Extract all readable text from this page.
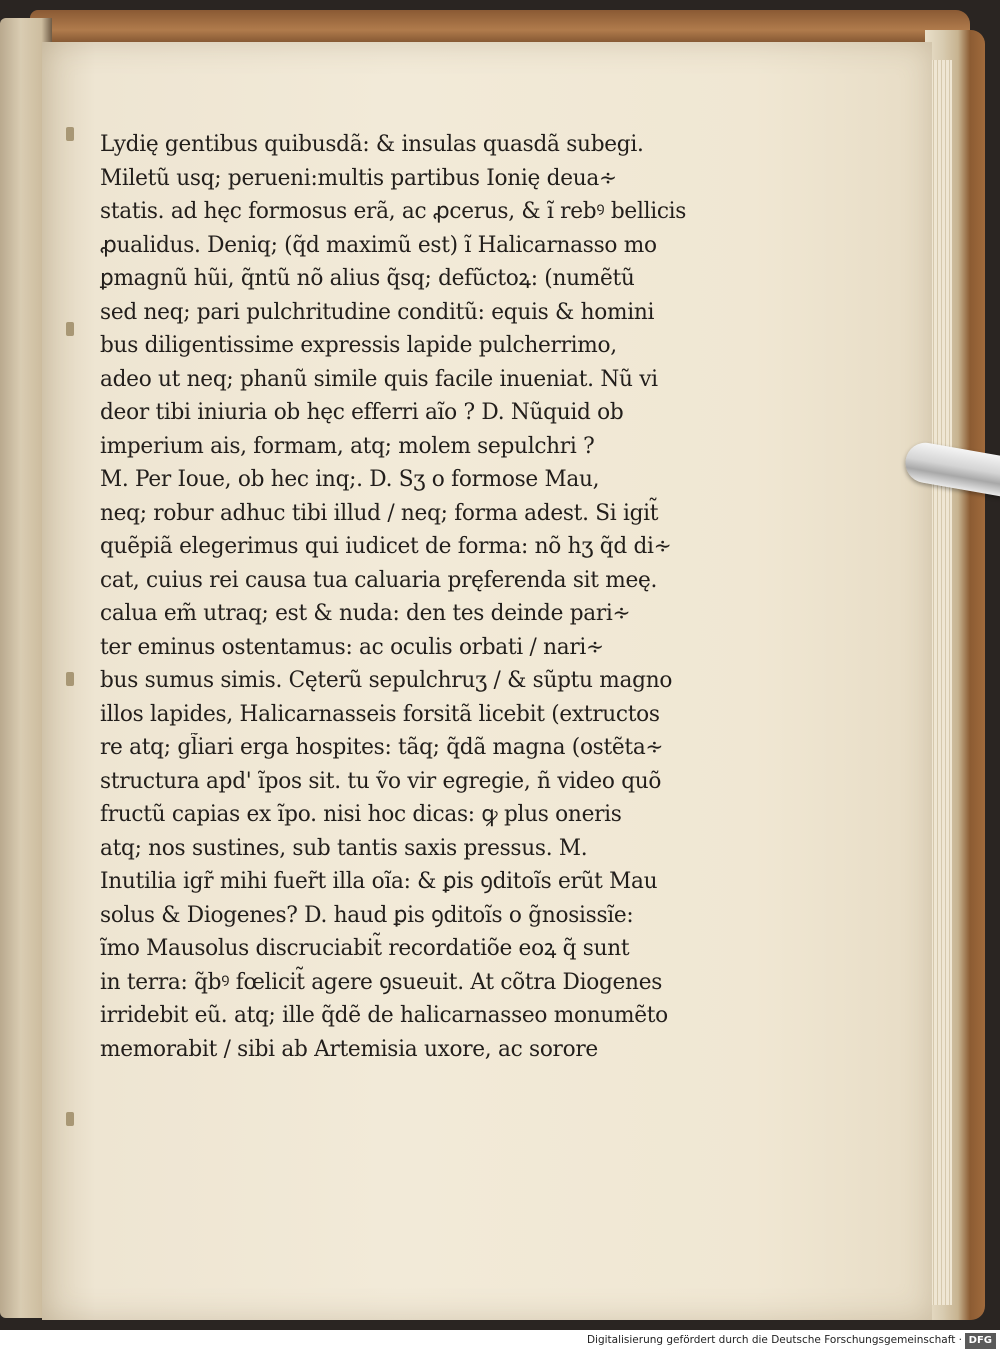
Lydię gentibus quibusdã: & insulas quasdã subegi.
Miletũ usq; perueni:multis partibus Ionię deua∻
statis. ad hęc formosus erã, ac ꝓcerus, & ĩ rebꝰ bellicis
ꝓualidus. Deniq; (q̃d maximũ est) ĩ Halicarnasso mo
ꝑmagnũ hũi, q̃ntũ nõ alius q̃sq; defũctoꝝ: (numẽtũ
sed neq; pari pulchritudine conditũ: equis & homini
bus diligentissime expressis lapide pulcherrimo,
adeo ut neq; phanũ simile quis facile inueniat. Nũ vi
deor tibi iniuria ob hęc efferri aĩo ? D. Nũquid ob
imperium ais, formam, atq; molem sepulchri ?
M. Per Ioue, ob hec inq;. D. Sʒ o formose Mau,
neq; robur adhuc tibi illud / neq; forma adest. Si igit̃
quẽpiã elegerimus qui iudicet de forma: nõ hʒ q̃d di∻
cat, cuius rei causa tua caluaria pręferenda sit meę.
calua em̃ utraq; est & nuda: den tes deinde pari∻
ter eminus ostentamus: ac oculis orbati / nari∻
bus sumus simis. Cęterũ sepulchruʒ / & sũptu magno
illos lapides, Halicarnasseis forsitã licebit (extructos
re atq; gl̃iari erga hospites: tãq; q̃dã magna (ostẽta∻
structura apd' ĩpos sit. tu ṽo vir egregie, ñ video quõ
fructũ capias ex ĩpo. nisi hoc dicas: ꝙ plus oneris
atq; nos sustines, sub tantis saxis pressus. M.
Inutilia igr̃ mihi fuer̃t illa oĩa: & ꝑis ꝯditoĩs erũt Mau
solus & Diogenes? D. haud ꝑis ꝯditoĩs o g̃nosissĩe:
ĩmo Mausolus discruciabit̃ recordatiõe eoꝝ q̃ sunt
in terra: q̃bꝰ fœlicit̃ agere ꝯsueuit. At cõtra Diogenes
irridebit eũ. atq; ille q̃dẽ de halicarnasseo monumẽto
memorabit / sibi ab Artemisia uxore, ac sorore
Digitalisierung gefördert durch die Deutsche Forschungsgemeinschaft · DFG
